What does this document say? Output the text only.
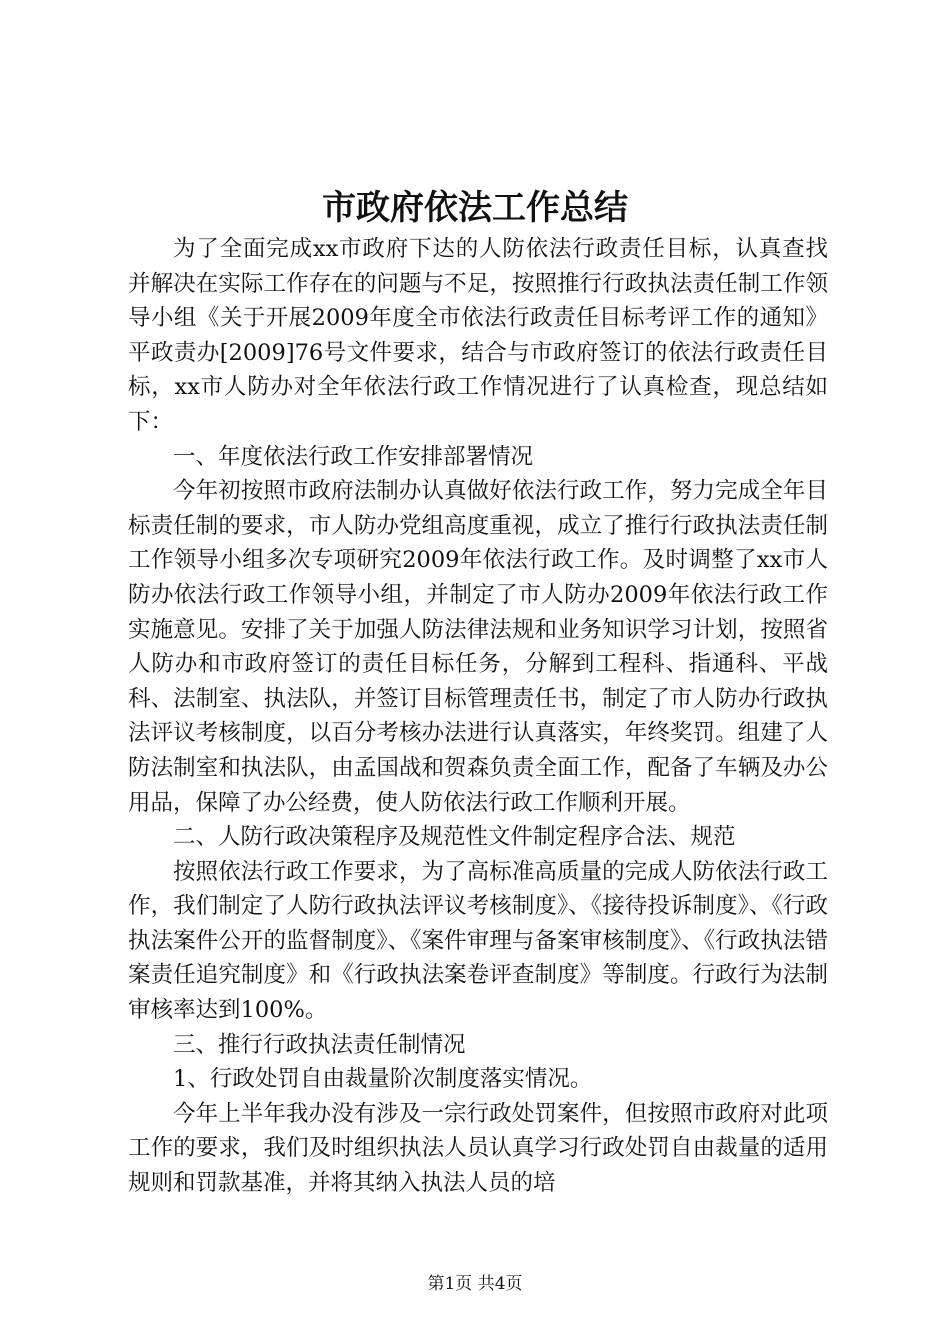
市政府依法工作总结

为了全面完成xx市政府下达的人防依法行政责任目标，认真查找并解决在实际工作存在的问题与不足，按照推行行政执法责任制工作领导小组《关于开展2009年度全市依法行政责任目标考评工作的通知》平政责办[2009]76号文件要求，结合与市政府签订的依法行政责任目标，xx市人防办对全年依法行政工作情况进行了认真检查，现总结如下：

一、年度依法行政工作安排部署情况

今年初按照市政府法制办认真做好依法行政工作，努力完成全年目标责任制的要求，市人防办党组高度重视，成立了推行行政执法责任制工作领导小组多次专项研究2009年依法行政工作。及时调整了xx市人防办依法行政工作领导小组，并制定了市人防办2009年依法行政工作实施意见。安排了关于加强人防法律法规和业务知识学习计划，按照省人防办和市政府签订的责任目标任务，分解到工程科、指通科、平战科、法制室、执法队，并签订目标管理责任书，制定了市人防办行政执法评议考核制度，以百分考核办法进行认真落实，年终奖罚。组建了人防法制室和执法队，由孟国战和贺森负责全面工作，配备了车辆及办公用品，保障了办公经费，使人防依法行政工作顺利开展。

二、人防行政决策程序及规范性文件制定程序合法、规范

按照依法行政工作要求，为了高标准高质量的完成人防依法行政工作，我们制定了人防行政执法评议考核制度》、《接待投诉制度》、《行政执法案件公开的监督制度》、《案件审理与备案审核制度》、《行政执法错案责任追究制度》和《行政执法案卷评查制度》等制度。行政行为法制审核率达到100%。

三、推行行政执法责任制情况

1、行政处罚自由裁量阶次制度落实情况。

今年上半年我办没有涉及一宗行政处罚案件，但按照市政府对此项工作的要求，我们及时组织执法人员认真学习行政处罚自由裁量的适用规则和罚款基准，并将其纳入执法人员的培

第1页 共4页
